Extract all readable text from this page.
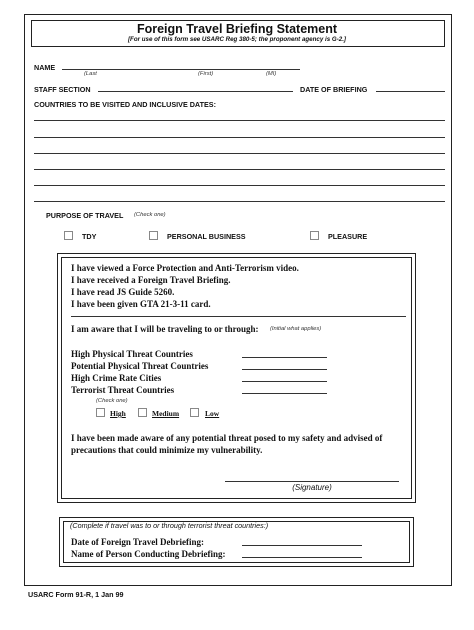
Foreign Travel Briefing Statement
[For use of this form see USARC Reg 380-5; the proponent agency is G-2.]
NAME
(Last	(First)	(MI)
STAFF SECTION	DATE OF BRIEFING
COUNTRIES TO BE VISITED AND INCLUSIVE DATES:
PURPOSE OF TRAVEL (Check one)
TDY	PERSONAL BUSINESS	PLEASURE
I have viewed a Force Protection and Anti-Terrorism video.
I have received a Foreign Travel Briefing.
I have read JS Guide 5260.
I have been given GTA 21-3-11 card.
I am aware that I will be traveling to or through: (Initial what applies)
High Physical Threat Countries
Potential Physical Threat Countries
High Crime Rate Cities
Terrorist Threat Countries
(Check one)
High	Medium	Low
I have been made aware of any potential threat posed to my safety and advised of precautions that could minimize my vulnerability.
(Signature)
(Complete if travel was to or through terrorist threat countries:)
Date of Foreign Travel Debriefing:
Name of Person Conducting Debriefing:
USARC Form 91-R, 1 Jan 99
